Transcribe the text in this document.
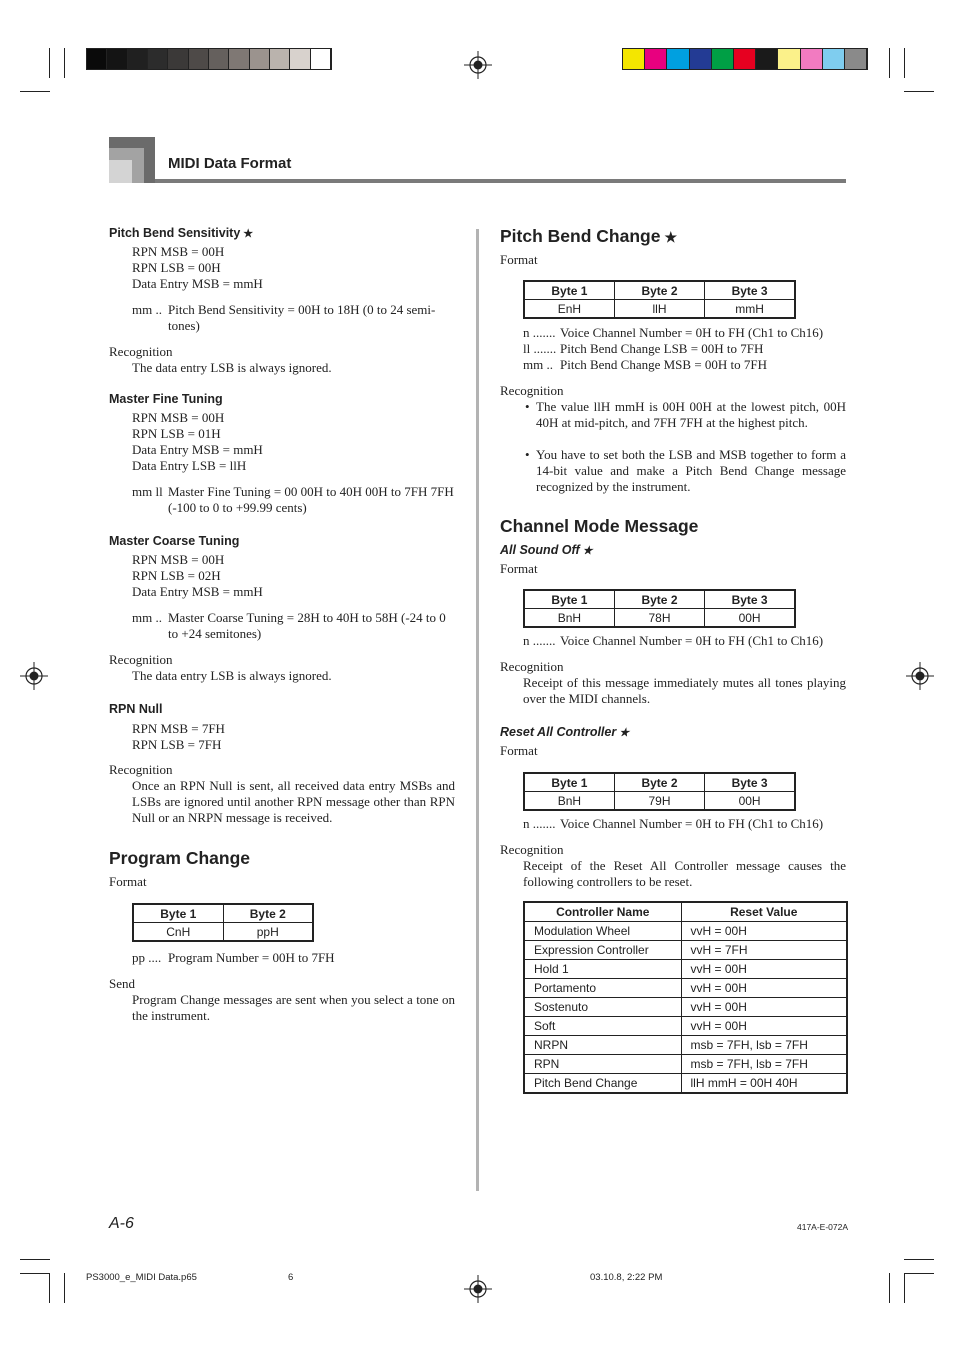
MIDI Data Format
Pitch Bend Sensitivity ★
RPN MSB = 00H
RPN LSB = 00H
Data Entry MSB = mmH
mm .. Pitch Bend Sensitivity = 00H to 18H (0 to 24 semi-tones)
Recognition
The data entry LSB is always ignored.
Master Fine Tuning
RPN MSB = 00H
RPN LSB = 01H
Data Entry MSB = mmH
Data Entry LSB = llH
mm ll Master Fine Tuning = 00 00H to 40H 00H to 7FH 7FH (-100 to 0 to +99.99 cents)
Master Coarse Tuning
RPN MSB = 00H
RPN LSB = 02H
Data Entry MSB = mmH
mm .. Master Coarse Tuning = 28H to 40H to 58H (-24 to 0 to +24 semitones)
Recognition
The data entry LSB is always ignored.
RPN Null
RPN MSB = 7FH
RPN LSB = 7FH
Recognition
Once an RPN Null is sent, all received data entry MSBs and LSBs are ignored until another RPN message other than RPN Null or an NRPN message is received.
Program Change
Format
Byte 1	Byte 2
CnH	ppH
pp .... Program Number = 00H to 7FH
Send
Program Change messages are sent when you select a tone on the instrument.
Pitch Bend Change ★
Format
Byte 1	Byte 2	Byte 3
EnH	llH	mmH
n ....... Voice Channel Number = 0H to FH (Ch1 to Ch16)
ll ....... Pitch Bend Change LSB = 00H to 7FH
mm .. Pitch Bend Change MSB = 00H to 7FH
Recognition
• The value llH mmH is 00H 00H at the lowest pitch, 00H 40H at mid-pitch, and 7FH 7FH at the highest pitch.
• You have to set both the LSB and MSB together to form a 14-bit value and make a Pitch Bend Change message recognized by the instrument.
Channel Mode Message
All Sound Off ★
Format
Byte 1	Byte 2	Byte 3
BnH	78H	00H
n ....... Voice Channel Number = 0H to FH (Ch1 to Ch16)
Recognition
Receipt of this message immediately mutes all tones playing over the MIDI channels.
Reset All Controller ★
Format
Byte 1	Byte 2	Byte 3
BnH	79H	00H
n ....... Voice Channel Number = 0H to FH (Ch1 to Ch16)
Recognition
Receipt of the Reset All Controller message causes the following controllers to be reset.
Controller Name	Reset Value
Modulation Wheel	vvH = 00H
Expression Controller	vvH = 7FH
Hold 1	vvH = 00H
Portamento	vvH = 00H
Sostenuto	vvH = 00H
Soft	vvH = 00H
NRPN	msb = 7FH, lsb = 7FH
RPN	msb = 7FH, lsb = 7FH
Pitch Bend Change	llH mmH = 00H 40H
A-6	417A-E-072A
PS3000_e_MIDI Data.p65	6	03.10.8, 2:22 PM
